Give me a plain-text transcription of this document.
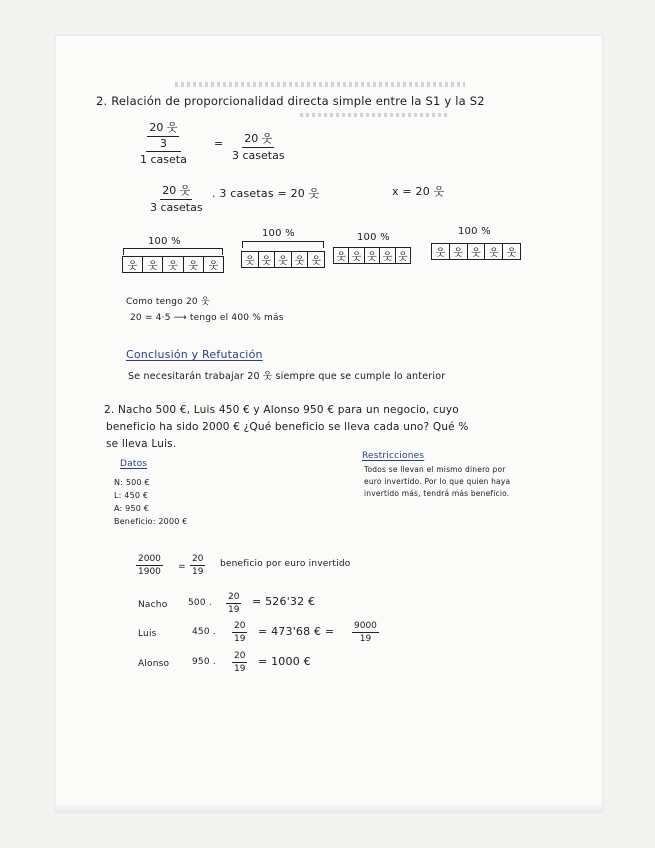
2. Relación de proporcionalidad directa simple entre la S1 y la S2
20 웃
3
1 caseta
= 20 웃
3 casetas
20 웃
3 casetas
. 3 casetas = 20 웃	x = 20 웃
100 %
100 %	100 %
100 %
웃	웃	웃	웃	웃	웃 웃 웃 웃 웃 웃 웃 웃 웃 웃	웃 웃 웃 웃 웃
Como tengo 20 웃
20 = 4·5 ⟶ tengo el 400 % más
Conclusión y Refutación
Se necesitarán trabajar 20 웃 siempre que se cumple lo anterior
2. Nacho 500 €, Luis 450 € y Alonso 950 € para un negocio, cuyo
beneficio ha sido 2000 € ¿Qué beneficio se lleva cada uno? Qué %
se lleva Luis.
Datos
N: 500 €
L: 450 €
A: 950 €
Beneficio: 2000 €
Restricciones
Todos se llevan el mismo dinero por
euro invertido. Por lo que quien haya
invertido más, tendrá más beneficio.
$\frac{2000}{1900} = \frac{20}{19}$ beneficio por euro invertido
Nacho 500 . $\frac{20}{19} = 526'32$ €
Luis	450 . $\frac{20}{19} = 473'68$ € = $\frac{9000}{19}$
Alonso	950 . $\frac{20}{19} = 1000$ €
